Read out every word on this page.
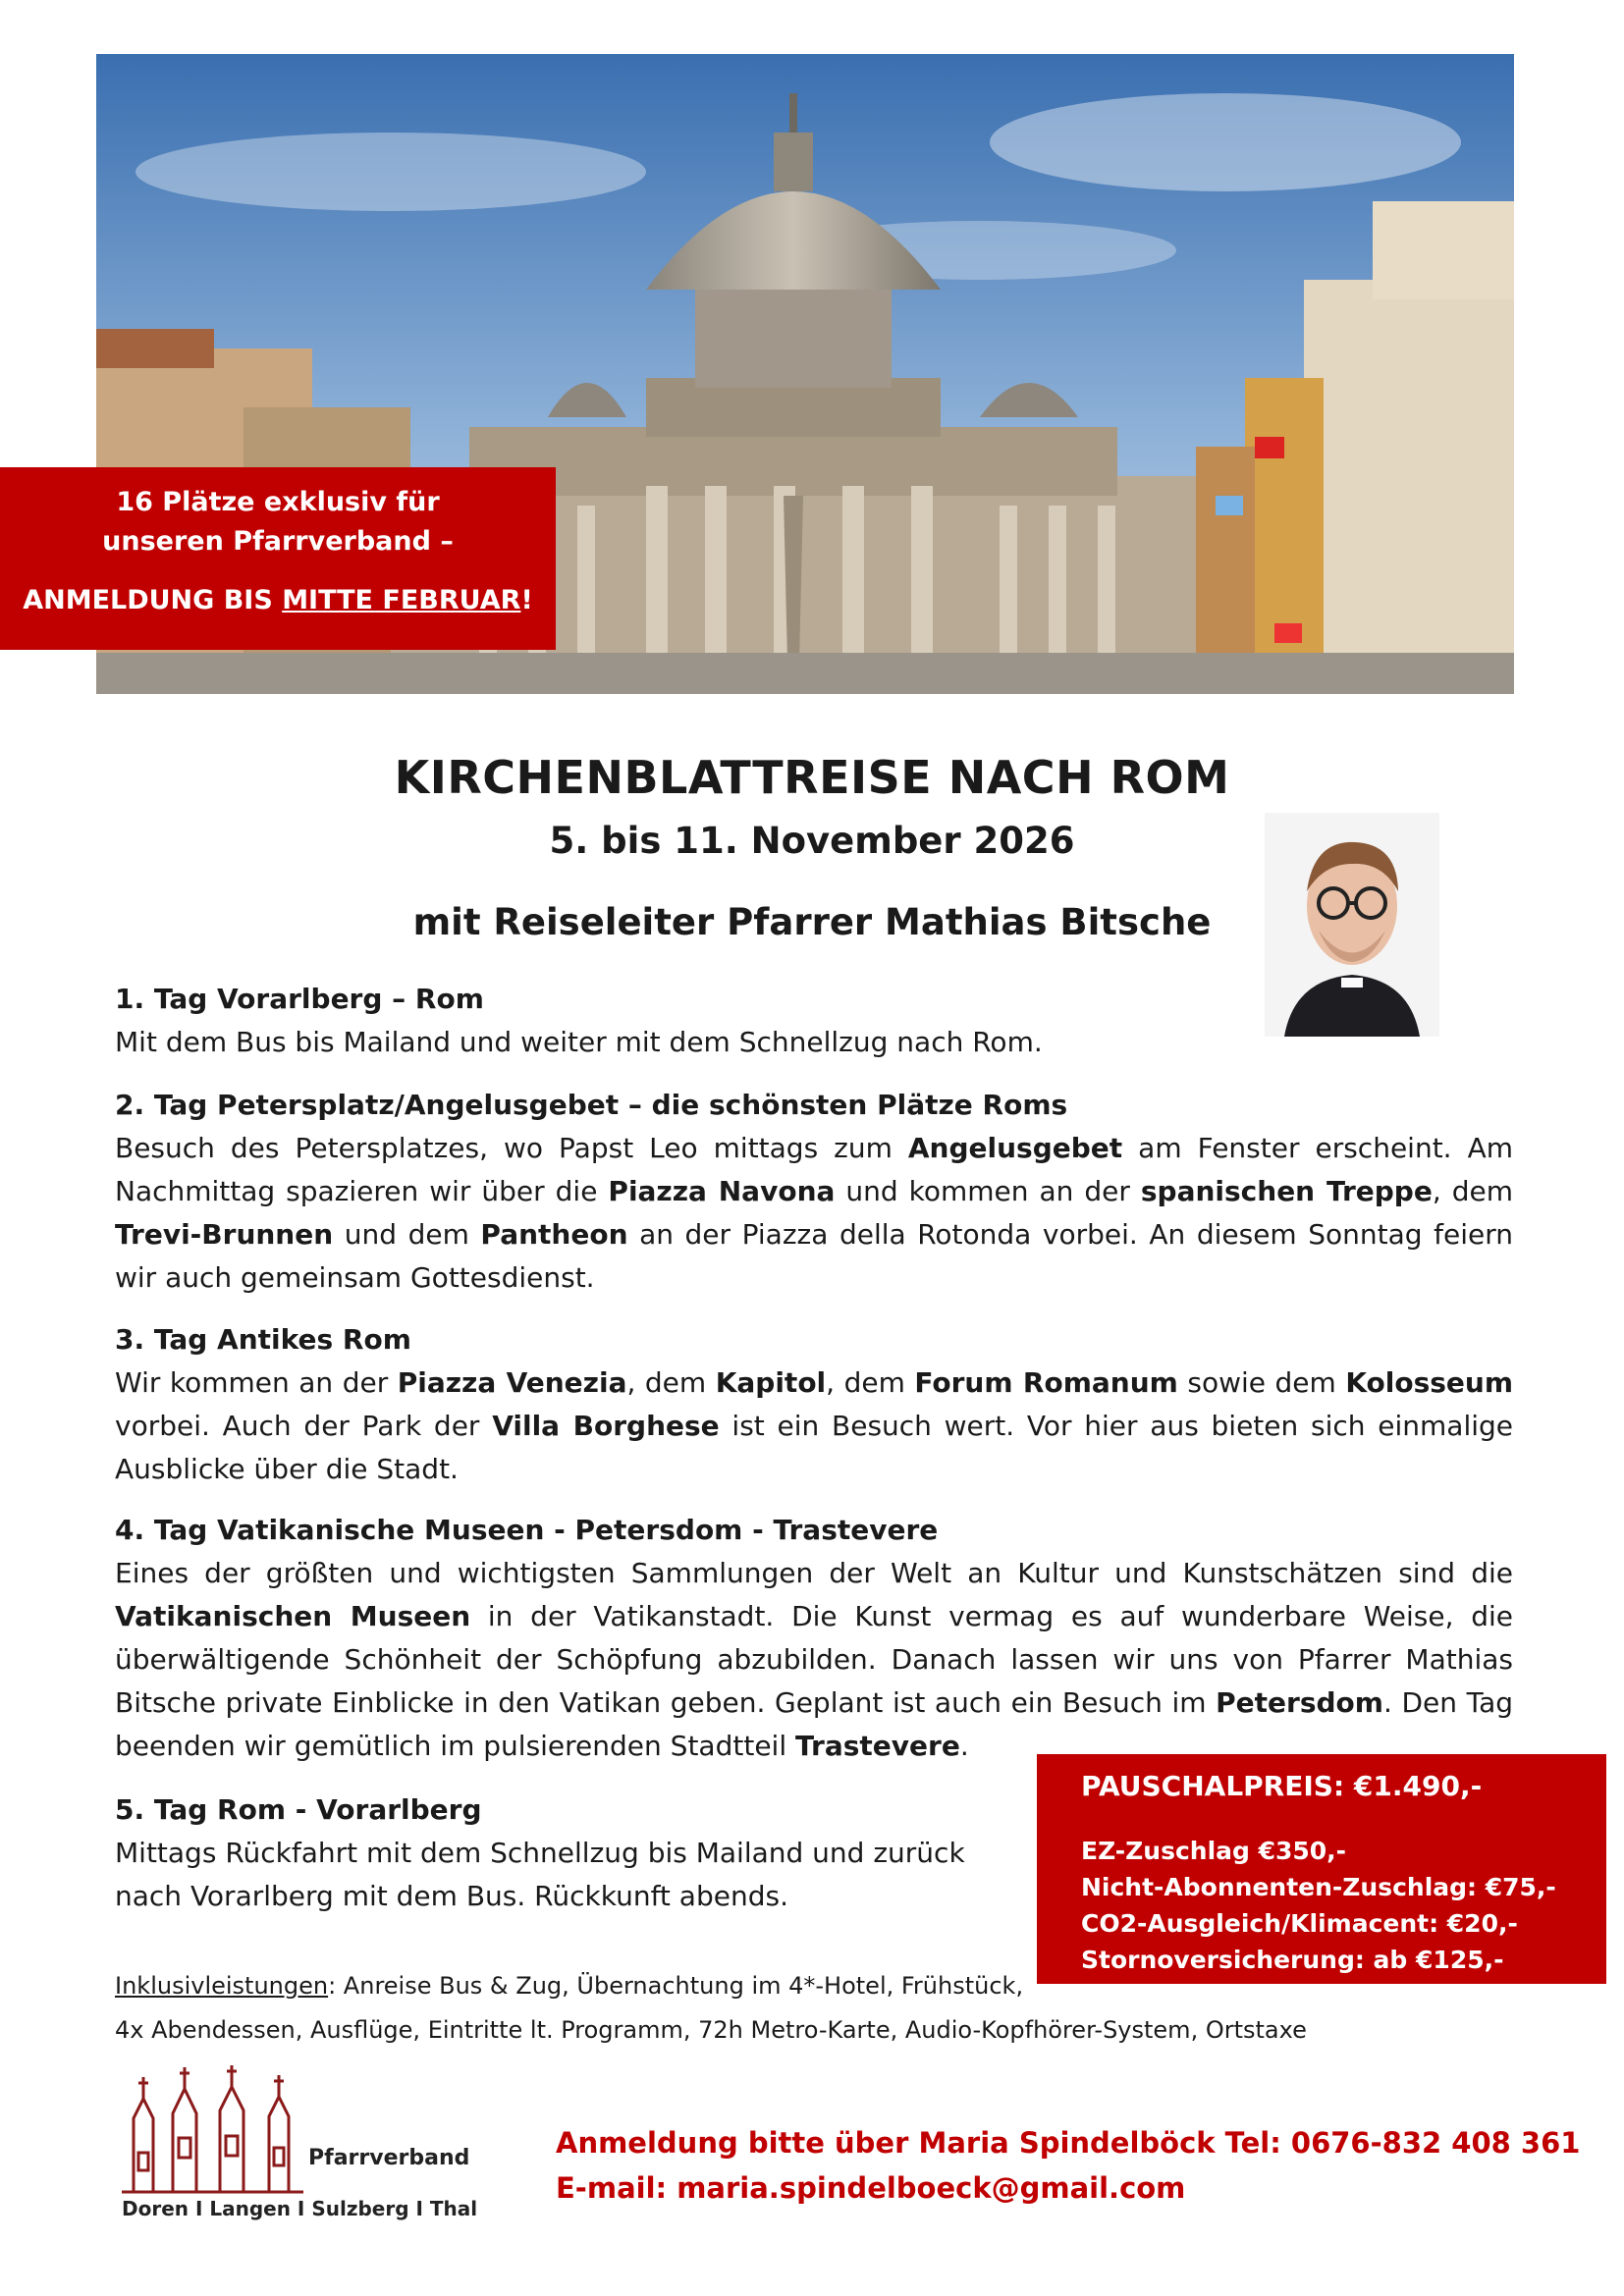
16 Plätze exklusiv für
unseren Pfarrverband –
ANMELDUNG BIS MITTE FEBRUAR!
KIRCHENBLATTREISE NACH ROM
5. bis 11. November 2026
mit Reiseleiter Pfarrer Mathias Bitsche
1. Tag Vorarlberg – Rom

Mit dem Bus bis Mailand und weiter mit dem Schnellzug nach Rom.

2. Tag Petersplatz/Angelusgebet – die schönsten Plätze Roms

Besuch des Petersplatzes, wo Papst Leo mittags zum Angelusgebet am Fenster erscheint. Am Nachmittag spazieren wir über die Piazza Navona und kommen an der spanischen Treppe, dem Trevi-Brunnen und dem Pantheon an der Piazza della Rotonda vorbei. An diesem Sonntag feiern wir auch gemeinsam Gottesdienst.

3. Tag Antikes Rom

Wir kommen an der Piazza Venezia, dem Kapitol, dem Forum Romanum sowie dem Kolosseum vorbei. Auch der Park der Villa Borghese ist ein Besuch wert. Vor hier aus bieten sich einmalige Ausblicke über die Stadt.

4. Tag Vatikanische Museen - Petersdom - Trastevere

Eines der größten und wichtigsten Sammlungen der Welt an Kultur und Kunstschätzen sind die Vatikanischen Museen in der Vatikanstadt. Die Kunst vermag es auf wunderbare Weise, die überwältigende Schönheit der Schöpfung abzubilden. Danach lassen wir uns von Pfarrer Mathias Bitsche private Einblicke in den Vatikan geben. Geplant ist auch ein Besuch im Petersdom. Den Tag beenden wir gemütlich im pulsierenden Stadtteil Trastevere.

5. Tag Rom - Vorarlberg
Mittags Rückfahrt mit dem Schnellzug bis Mailand und zurück
nach Vorarlberg mit dem Bus. Rückkunft abends.
PAUSCHALPREIS: €1.490,-
EZ-Zuschlag €350,-
Nicht-Abonnenten-Zuschlag: €75,-
CO2-Ausgleich/Klimacent: €20,-
Stornoversicherung: ab €125,-
Inklusivleistungen: Anreise Bus & Zug, Übernachtung im 4*-Hotel, Frühstück,
4x Abendessen, Ausflüge, Eintritte lt. Programm, 72h Metro-Karte, Audio-Kopfhörer-System, Ortstaxe
Pfarrverband
Doren I Langen I Sulzberg I Thal
Anmeldung bitte über Maria Spindelböck Tel: 0676-832 408 361
E-mail: maria.spindelboeck@gmail.com
